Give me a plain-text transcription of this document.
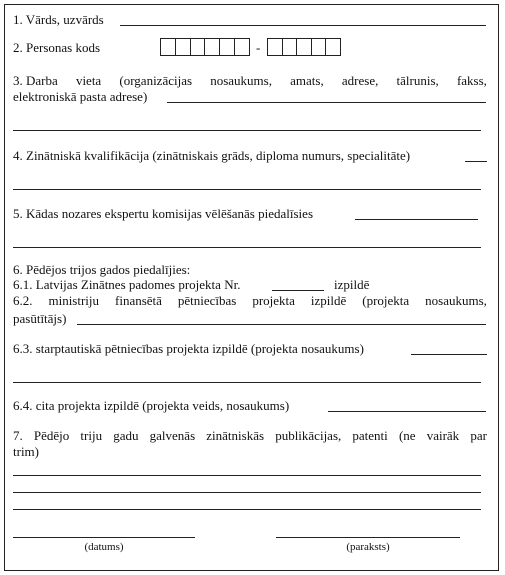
1. Vārds, uzvārds
2. Personas kods	-
3. Darba vieta (organizācijas nosaukums, amats, adrese, tālrunis, fakss,
elektroniskā pasta adrese)
4. Zinātniskā kvalifikācija (zinātniskais grāds, diploma numurs, specialitāte)
5. Kādas nozares ekspertu komisijas vēlēšanās piedalīsies
6. Pēdējos trijos gados piedalījies:
6.1. Latvijas Zinātnes padomes projekta Nr.	izpildē
6.2. ministriju finansētā pētniecības projekta izpildē (projekta nosaukums,
pasūtītājs)
6.3. starptautiskā pētniecības projekta izpildē (projekta nosaukums)
6.4. cita projekta izpildē (projekta veids, nosaukums)
7. Pēdējo triju gadu galvenās zinātniskās publikācijas, patenti (ne vairāk par
trim)
(datums)	(paraksts)
